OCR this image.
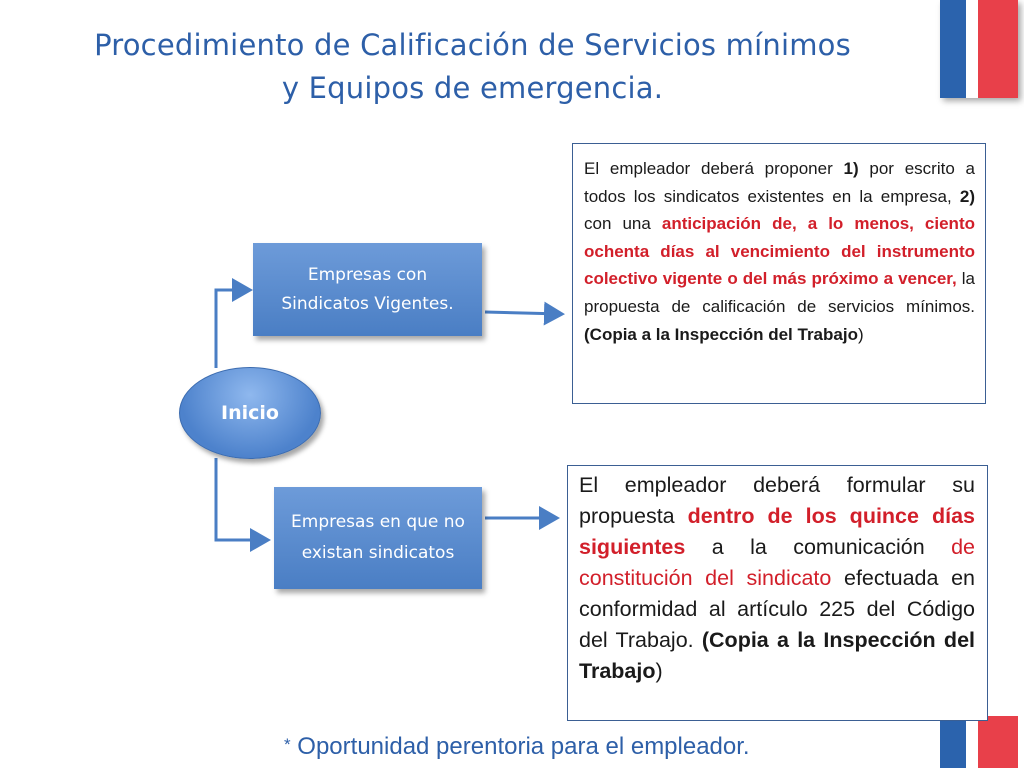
Procedimiento de Calificación de Servicios mínimos
y Equipos de emergencia.
Inicio
Empresas con Sindicatos Vigentes.
Empresas en que no existan sindicatos
El empleador deberá proponer 1) por escrito a todos los sindicatos existentes en la empresa, 2) con una anticipación de, a lo menos, ciento ochenta días al vencimiento del instrumento colectivo vigente o del más próximo a vencer, la propuesta de calificación de servicios mínimos. (Copia a la Inspección del Trabajo)
El empleador deberá formular su propuesta dentro de los quince días siguientes a la comunicación de constitución del sindicato efectuada en conformidad al artículo 225 del Código del Trabajo. (Copia a la Inspección del Trabajo)
* Oportunidad perentoria para el empleador.
